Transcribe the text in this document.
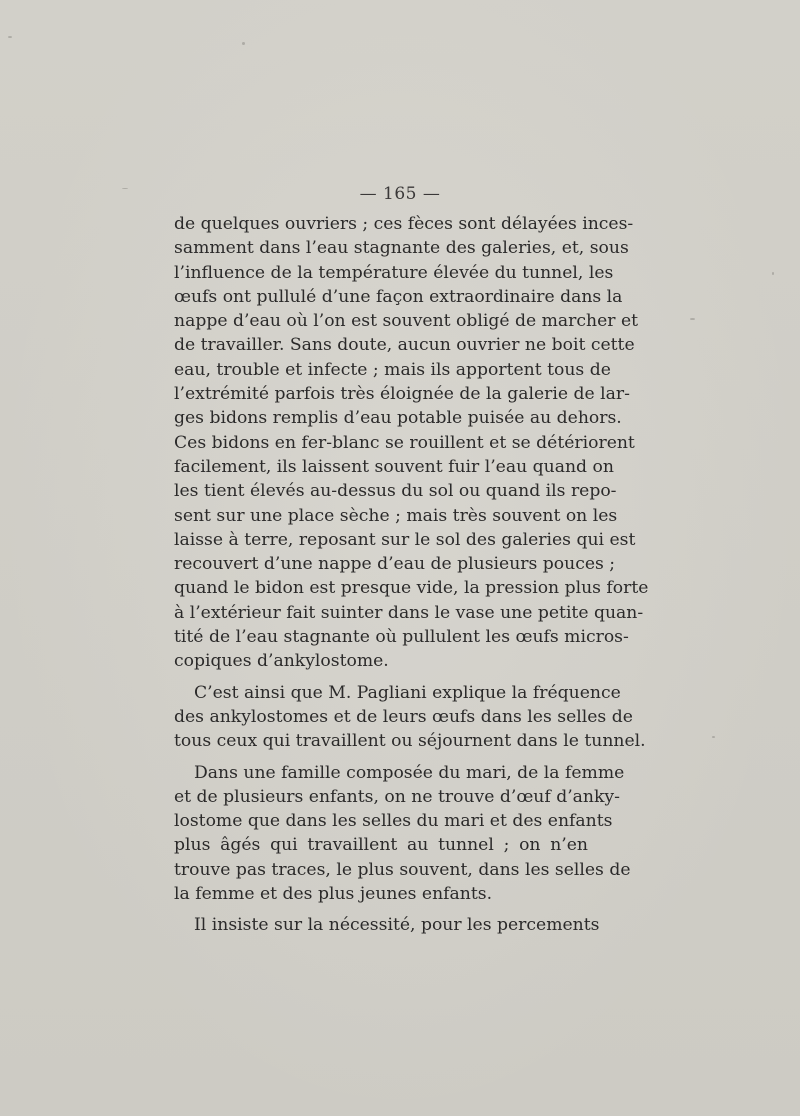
— 165 —
de quelques ouvriers ; ces fèces sont délayées inces-
samment dans l’eau stagnante des galeries, et, sous
l’influence de la température élevée du tunnel, les
œufs ont pullulé d’une façon extraordinaire dans la
nappe d’eau où l’on est souvent obligé de marcher et
de travailler. Sans doute, aucun ouvrier ne boit cette
eau, trouble et infecte ; mais ils apportent tous de
l’extrémité parfois très éloignée de la galerie de lar-
ges bidons remplis d’eau potable puisée au dehors.
Ces bidons en fer-blanc se rouillent et se détériorent
facilement, ils laissent souvent fuir l’eau quand on
les tient élevés au-dessus du sol ou quand ils repo-
sent sur une place sèche ; mais très souvent on les
laisse à terre, reposant sur le sol des galeries qui est
recouvert d’une nappe d’eau de plusieurs pouces ;
quand le bidon est presque vide, la pression plus forte
à l’extérieur fait suinter dans le vase une petite quan-
tité de l’eau stagnante où pullulent les œufs micros-
copiques d’ankylostome.
C’est ainsi que M. Pagliani explique la fréquence
des ankylostomes et de leurs œufs dans les selles de
tous ceux qui travaillent ou séjournent dans le tunnel.
Dans une famille composée du mari, de la femme
et de plusieurs enfants, on ne trouve d’œuf d’anky-
lostome que dans les selles du mari et des enfants
plus âgés qui travaillent au tunnel ; on n’en
trouve pas traces, le plus souvent, dans les selles de
la femme et des plus jeunes enfants.
Il insiste sur la nécessité, pour les percements
